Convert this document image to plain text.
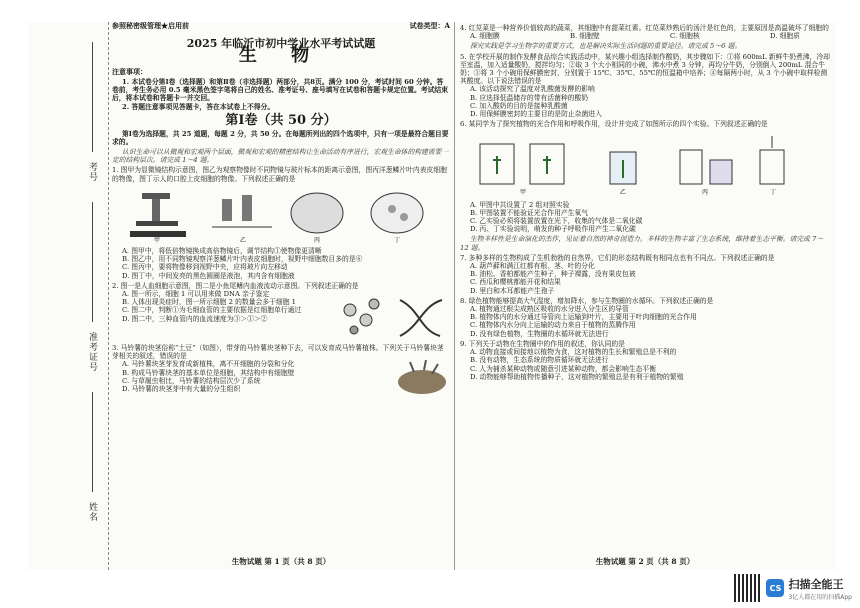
考号
准考证号
姓名
参照秘密级管理★启用前	试卷类型：A
2025 年临沂市初中学业水平考试试题
生 物
注意事项：
1. 本试卷分第Ⅰ卷（选择题）和第Ⅱ卷（非选择题）两部分，共8页。满分 100 分，考试时间 60 分钟。答卷前，考生务必用 0.5 毫米黑色签字笔将自己的姓名、准考证号、座号填写在试卷和答题卡规定位置。考试结束后，将本试卷和答题卡一并交回。
2. 答题注意事项见答题卡，答在本试卷上不得分。
第Ⅰ卷（共 50 分）
第Ⅰ卷为选择题，共 25 道题，每题 2 分，共 50 分。在每题所列出的四个选项中，只有一项是最符合题目要求的。
认识生命可以从微观和宏观两个层面，微观和宏观的精密结构让生命活动有序进行，宏观生命体的构建需要一定的结构层次。请完成 1～4 题。
1. 图甲为显微镜结构示意图，图乙为观察物像时不同物镜与玻片标本的距离示意图，图丙洋葱鳞片叶内表皮细胞的物像，图丁示人的口腔上皮细胞的物像。下列叙述正确的是
甲	乙	丙	丁
A. 图甲中，将低倍物镜换成高倍物镜后，调节结构①使物像更清晰
B. 图乙中，用不同物镜观察洋葱鳞片叶内表皮细胞时，视野中细胞数目多的是⑥
C. 图丙中，要将物像移到视野中央，应将玻片向左移动
D. 图丁中，中间发亮的黑色圆圈是液泡，其内含有细胞液
2. 图一是人血细胞示意图，图二是小鱼尾鳍内血液流动示意图。下列叙述正确的是
A. 图一所示，细胞 1 可以用来做 DNA 亲子鉴定
B. 人体出现炎症时，图一所示细胞 2 的数量会多于细胞 1
C. 图二中，判断①为毛细血管的主要依据是红细胞单行通过
D. 图二中，三种血管内的血流速度为③＞①＞②
3. 马铃薯的块茎俗称“土豆”（如图），带芽的马铃薯块茎种下去，可以发育成马铃薯植株。下列关于马铃薯块茎芽相关的叙述，错误的是
A. 马铃薯块茎芽发育成新植株，离不开细胞的分裂和分化
B. 构成马铃薯块茎的基本单位是细胞，其结构中有细胞壁
C. 与草履虫相比，马铃薯的结构层次少了系统
D. 马铃薯的块茎芽中有大量的分生组织
生物试题 第 1 页（共 8 页）
4. 红苋菜是一种营养价值较高的蔬菜，其细胞中有甜菜红素。红苋菜炒熟后的汤汁是红色的，主要原因是高温破坏了细胞的
A. 细胞膜	B. 细胞壁	C. 细胞核	D. 细胞质
探究实践是学习生物学的重要方式，也是解决实际生活问题的重要途径。请完成 5～6 题。
5. 在学校开展的制作发酵食品综合实践活动中，某兴趣小组选择制作酸奶，其步骤如下：①将 600mL 新鲜牛奶煮沸，冷却至室温，加入适量酸奶，搅拌均匀；②取 3 个大小相同的小碗，沸水中煮 3 分钟，再均分牛奶，分别倒入 200mL 混合牛奶；③将 3 个小碗用保鲜膜密封，分别置于 15℃、35℃、55℃的恒温箱中培养；④每隔两小时，从 3 个小碗中取样检测其酸度。以下说法错误的是
A. 该活动探究了温度对乳酸菌发酵的影响
B. 应选择低温储存的带有活菌种的酸奶
C. 加入酸奶的目的是接种乳酸菌
D. 用保鲜膜密封的主要目的是防止杂菌进入
6. 某同学为了探究植物的光合作用和呼吸作用，设计并完成了如图所示的四个实验。下列叙述正确的是
甲	乙	丙	丁
A. 甲图中共设置了 2 组对照实验
B. 甲图装置不能验证光合作用产生氧气
C. 乙实验必须将装置放置在光下，收集的气体是二氧化碳
D. 丙、丁实验说明，萌发的种子呼吸作用产生二氧化碳
生物多样性是生命演化的杰作，见证着自然的神奇创造力。多样的生物丰富了生态系统，维持着生态平衡。请完成 7～12 题。
7. 多种多样的生物构成了生机勃勃的自然界，它们的形态结构既有相同点也有不同点。下列叙述正确的是
A. 葫芦藓和满江红都有根、茎、叶的分化
B. 油松、香柏都能产生种子，种子裸露，没有果皮包被
C. 西瓜和樱桃都能开花和结果
D. 里白和木耳都能产生孢子
8. 绿色植物能够提高大气湿度，增加降水，参与生物圈的水循环。下列叙述正确的是
A. 植物通过根尖成熟区吸收的水分进入分生区的导管
B. 植物体内的水分通过导管向上运输到叶片，主要用于叶肉细胞的光合作用
C. 植物体内水分向上运输的动力来自于植物的蒸腾作用
D. 没有绿色植物，生物圈的水循环就无法进行
9. 下列关于动物在生物圈中的作用的叙述，你认同的是
A. 动物直接或间接地以植物为食，这对植物的生长和繁殖总是不利的
B. 没有动物，生态系统的物质循环就无法进行
C. 人为捕杀某种动物或随意引进某种动物，都会影响生态平衡
D. 动物能够帮助植物传播种子，这对植物的繁殖总是有利于植物的繁殖
生物试题 第 2 页（共 8 页）
CS 扫描全能王
3亿人都在用的扫描App
